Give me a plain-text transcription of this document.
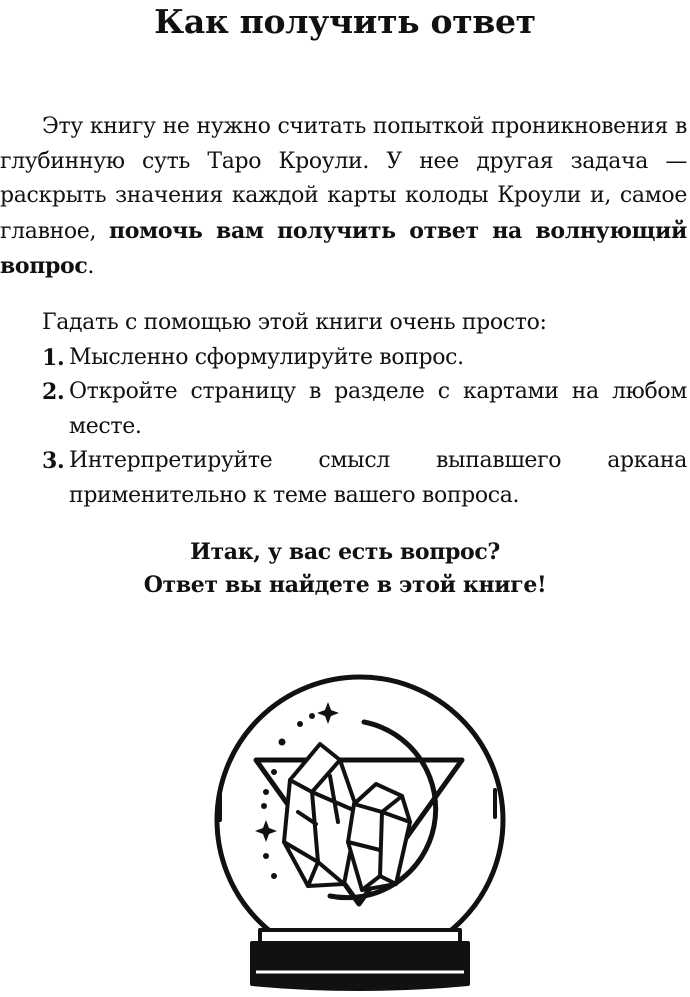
Как получить ответ

Эту книгу не нужно считать попыткой проникновения в глубинную суть Таро Кроули. У нее другая задача — раскрыть значения каждой карты колоды Кроули и, самое главное, помочь вам получить ответ на волнующий вопрос.

Гадать с помощью этой книги очень просто:
1. Мысленно сформулируйте вопрос.
2. Откройте страницу в разделе с картами на любом месте.
3. Интерпретируйте смысл выпавшего аркана применительно к теме вашего вопроса.
Итак, у вас есть вопрос?
Ответ вы найдете в этой книге!
